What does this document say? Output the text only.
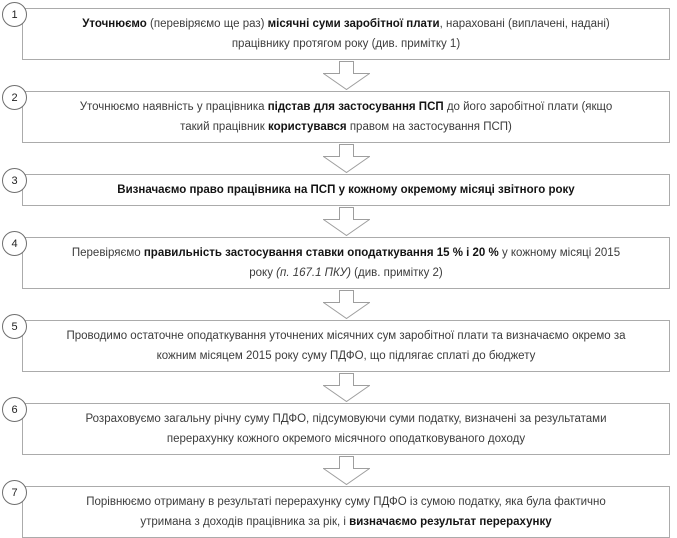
1

Уточнюємо (перевіряємо ще раз) місячні суми заробітної плати, нараховані (виплачені, надані) працівнику протягом року (див. примітку 1)

2

Уточнюємо наявність у працівника підстав для застосування ПСП до його заробітної плати (якщо такий працівник користувався правом на застосування ПСП)

3

Визначаємо право працівника на ПСП у кожному окремому місяці звітного року

4

Перевіряємо правильність застосування ставки оподаткування 15 % і 20 % у кожному місяці 2015 року (п. 167.1 ПКУ) (див. примітку 2)

5

Проводимо остаточне оподаткування уточнених місячних сум заробітної плати та визначаємо окремо за кожним місяцем 2015 року суму ПДФО, що підлягає сплаті до бюджету

6

Розраховуємо загальну річну суму ПДФО, підсумовуючи суми податку, визначені за результатами перерахунку кожного окремого місячного оподатковуваного доходу

7

Порівнюємо отриману в результаті перерахунку суму ПДФО із сумою податку, яка була фактично утримана з доходів працівника за рік, і визначаємо результат перерахунку
